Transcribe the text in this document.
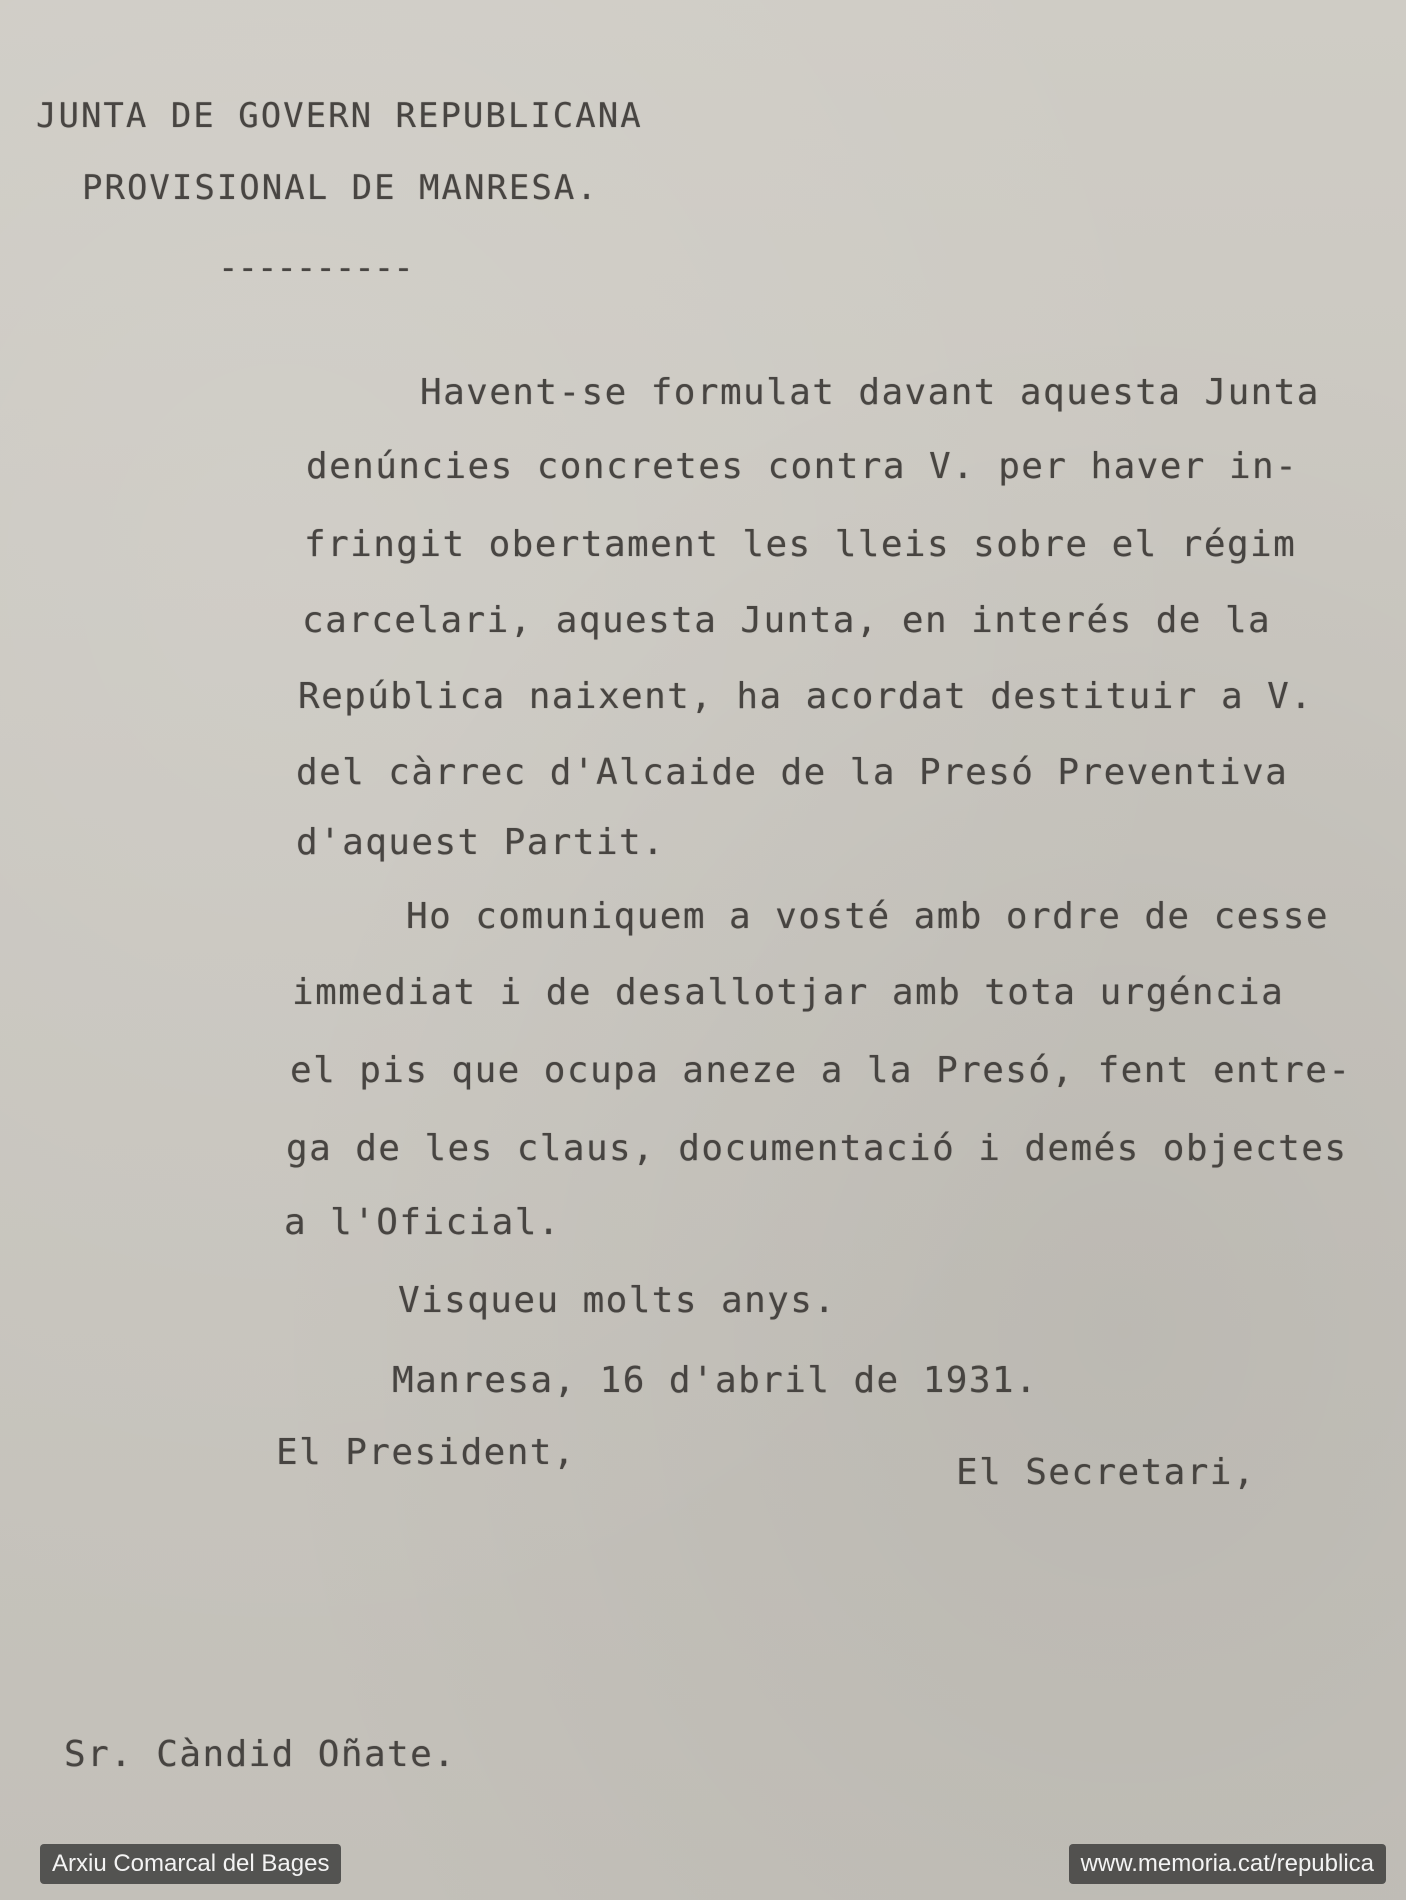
JUNTA DE GOVERN REPUBLICANA
PROVISIONAL DE MANRESA.
----------
Havent-se formulat davant aquesta Junta
denúncies concretes contra V. per haver in-
fringit obertament les lleis sobre el régim
carcelari, aquesta Junta, en interés de la
República naixent, ha acordat destituir a V.
del càrrec d'Alcaide de la Presó Preventiva
d'aquest Partit.
Ho comuniquem a vosté amb ordre de cesse
immediat i de desallotjar amb tota urgéncia
el pis que ocupa aneze a la Presó, fent entre-
ga de les claus, documentació i demés objectes
a l'Oficial.
Visqueu molts anys.
Manresa, 16 d'abril de 1931.
El President,	El Secretari,
Sr. Càndid Oñate.
Arxiu Comarcal del Bages	www.memoria.cat/republica
